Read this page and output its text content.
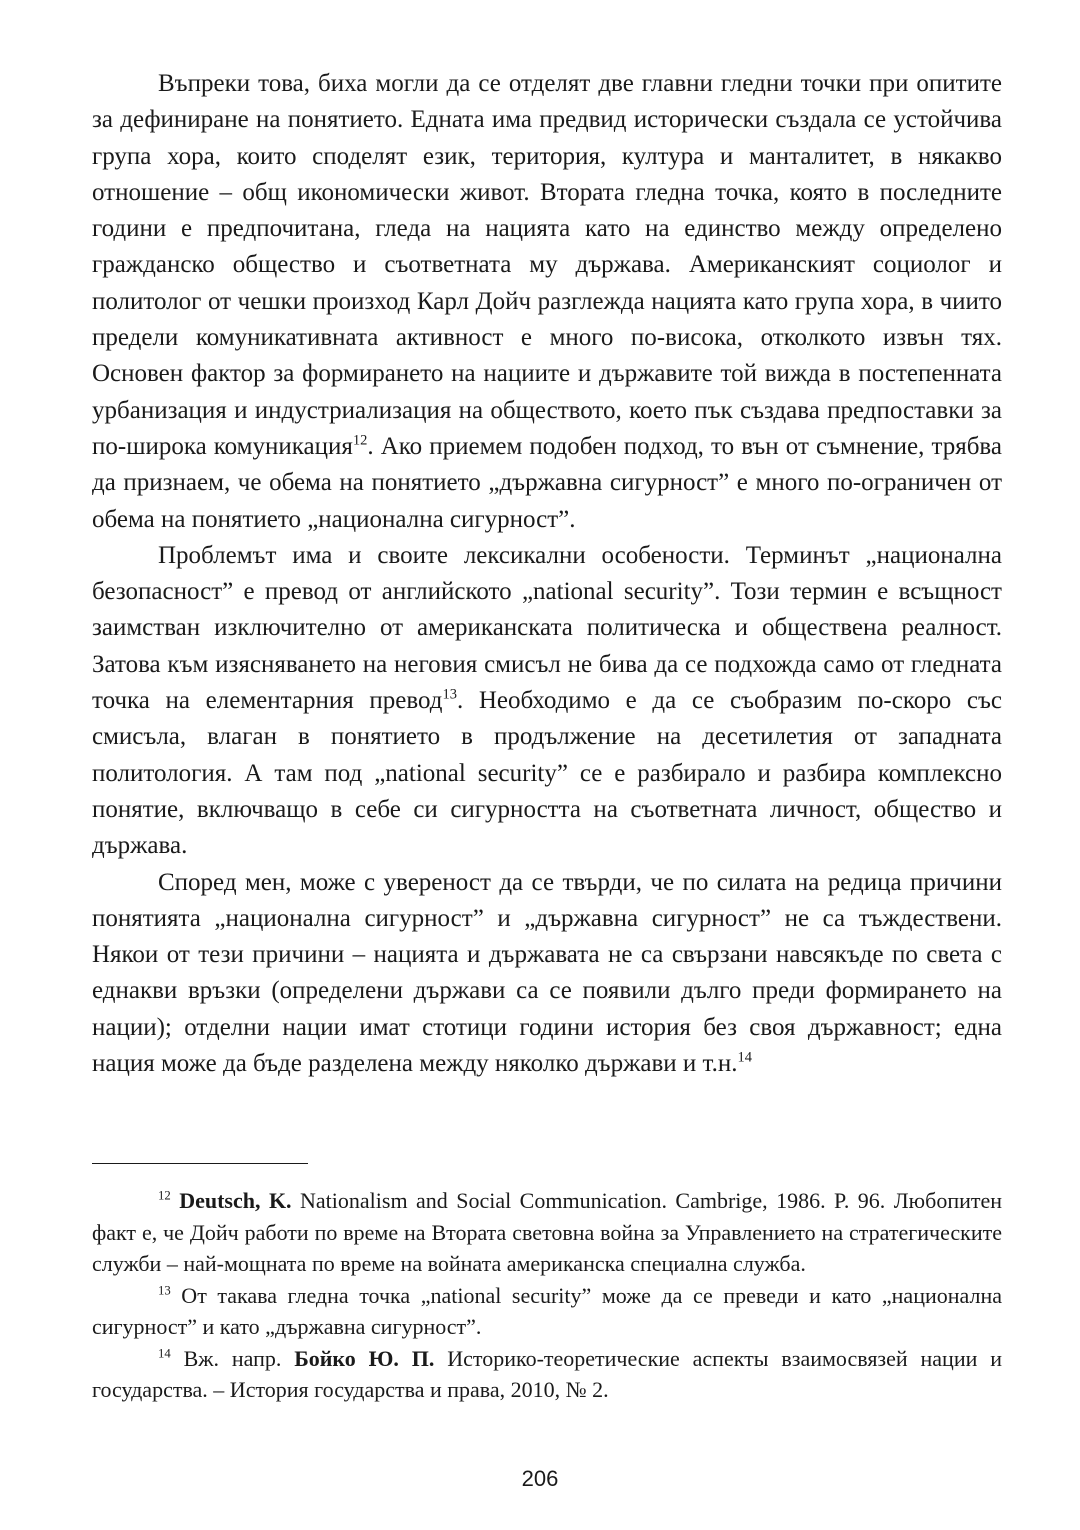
Въпреки това, биха могли да се отделят две главни гледни точки при опитите за дефиниране на понятието. Едната има предвид исторически създала се устойчива група хора, които споделят език, територия, култура и манталитет, в някакво отношение – общ икономически живот. Втората гледна точка, която в последните години е предпочитана, гледа на нацията като на единство между определено гражданско общество и съответната му държава. Американският социолог и политолог от чешки произход Карл Дойч разглежда нацията като група хора, в чиито предели комуникативната активност е много по-висока, отколкото извън тях. Основен фактор за формирането на нациите и държавите той вижда в постепенната урбанизация и индустриализация на обществото, което пък създава предпоставки за по-широка комуникация$^{12}$. Ако приемем подобен подход, то вън от съмнение, трябва да признаем, че обема на понятието „държавна сигурност” е много по-ограничен от обема на понятието „национална сигурност”.

Проблемът има и своите лексикални особености. Терминът „национална безопасност” е превод от английското „national security”. Този термин е всъщност заимстван изключително от американската политическа и обществена реалност. Затова към изясняването на неговия смисъл не бива да се подхожда само от гледната точка на елементарния превод$^{13}$. Необходимо е да се съобразим по-скоро със смисъла, влаган в понятието в продължение на десетилетия от западната политология. А там под „national security” се е разбирало и разбира комплексно понятие, включващо в себе си сигурността на съответната личност, общество и държава.

Според мен, може с увереност да се твърди, че по силата на редица причини понятията „национална сигурност” и „държавна сигурност” не са тъждествени. Някои от тези причини – нацията и държавата не са свързани навсякъде по света с еднакви връзки (определени държави са се появили дълго преди формирането на нации); отделни нации имат стотици години история без своя държавност; една нация може да бъде разделена между няколко държави и т.н.$^{14}$

$^{12}$ Deutsch, K. Nationalism and Social Communication. Cambrige, 1986. P. 96. Любопитен факт е, че Дойч работи по време на Втората световна война за Управлението на стратегическите служби – най-мощната по време на войната американска специална служба.

$^{13}$ От такава гледна точка „national security” може да се преведи и като „национална сигурност” и като „държавна сигурност”.

$^{14}$ Вж. напр. Бойко Ю. П. Историко-теоретические аспекты взаимосвязей нации и государства. – История государства и права, 2010, № 2.

206
